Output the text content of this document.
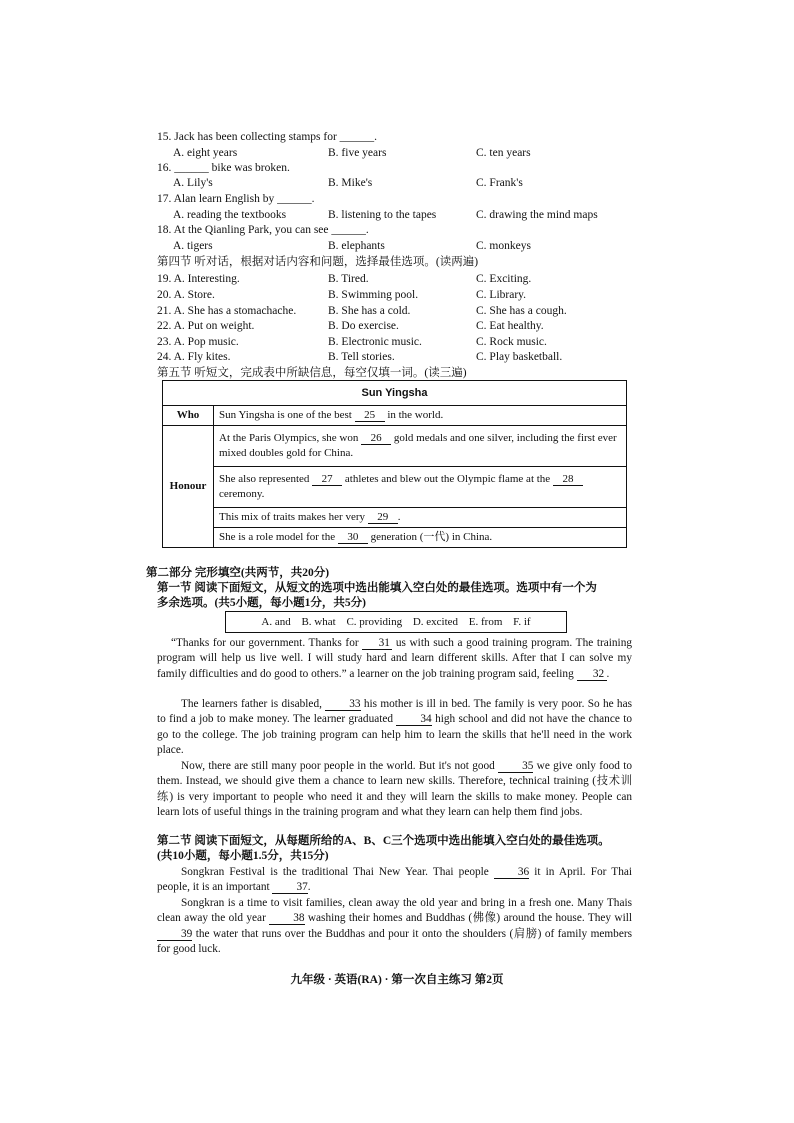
15. Jack has been collecting stamps for ______.
A. eight years	B. five years	C. ten years
16. ______ bike was broken.
A. Lily's	B. Mike's	C. Frank's
17. Alan learn English by ______.
A. reading the textbooks	B. listening to the tapes	C. drawing the mind maps
18. At the Qianling Park, you can see ______.
A. tigers	B. elephants	C. monkeys
第四节 听对话，根据对话内容和问题，选择最佳选项。(读两遍)
19. A. Interesting.	B. Tired.	C. Exciting.
20. A. Store.	B. Swimming pool.	C. Library.
21. A. She has a stomachache.	B. She has a cold.	C. She has a cough.
22. A. Put on weight.	B. Do exercise.	C. Eat healthy.
23. A. Pop music.	B. Electronic music.	C. Rock music.
24. A. Fly kites.	B. Tell stories.	C. Play basketball.
第五节 听短文，完成表中所缺信息，每空仅填一词。(读三遍)
Sun Yingsha	
Who	Sun Yingsha is one of the best 25 in the world.
Honour	At the Paris Olympics, she won 26 gold medals and one silver, including the first ever mixed doubles gold for China.
	She also represented 27 athletes and blew out the Olympic flame at the 28 ceremony.
	This mix of traits makes her very 29 .
	She is a role model for the 30 generation (一代) in China.
第二部分 完形填空(共两节，共20分)
第一节 阅读下面短文，从短文的选项中选出能填入空白处的最佳选项。选项中有一个为
多余选项。(共5小题，每小题1分，共5分)
A. and B. what C. providing D. excited E. from F. if
“Thanks for our government. Thanks for 31 us with such a good training program. The training program will help us live well. I will study hard and learn different skills. After that I can solve my family difficulties and do good to others.” a learner on the job training program said, feeling 32 .
The learners father is disabled, 33 his mother is ill in bed. The family is very poor. So he has to find a job to make money. The learner graduated 34 high school and did not have the chance to go to the college. The job training program can help him to learn the skills that he'll need in the work place.
Now, there are still many poor people in the world. But it's not good 35 we give only food to them. Instead, we should give them a chance to learn new skills. Therefore, technical training (技术训练) is very important to people who need it and they will learn the skills to make money. People can learn lots of useful things in the training program and what they learn can help them find jobs.
第二节 阅读下面短文，从每题所给的A、B、C三个选项中选出能填入空白处的最佳选项。
(共10小题，每小题1.5分，共15分)
Songkran Festival is the traditional Thai New Year. Thai people 36 it in April. For Thai people, it is an important 37.
Songkran is a time to visit families, clean away the old year and bring in a fresh one. Many Thais clean away the old year 38 washing their homes and Buddhas (佛像) around the house. They will 39 the water that runs over the Buddhas and pour it onto the shoulders (肩膀) of family members for good luck.
九年级 · 英语(RA) · 第一次自主练习 第2页
